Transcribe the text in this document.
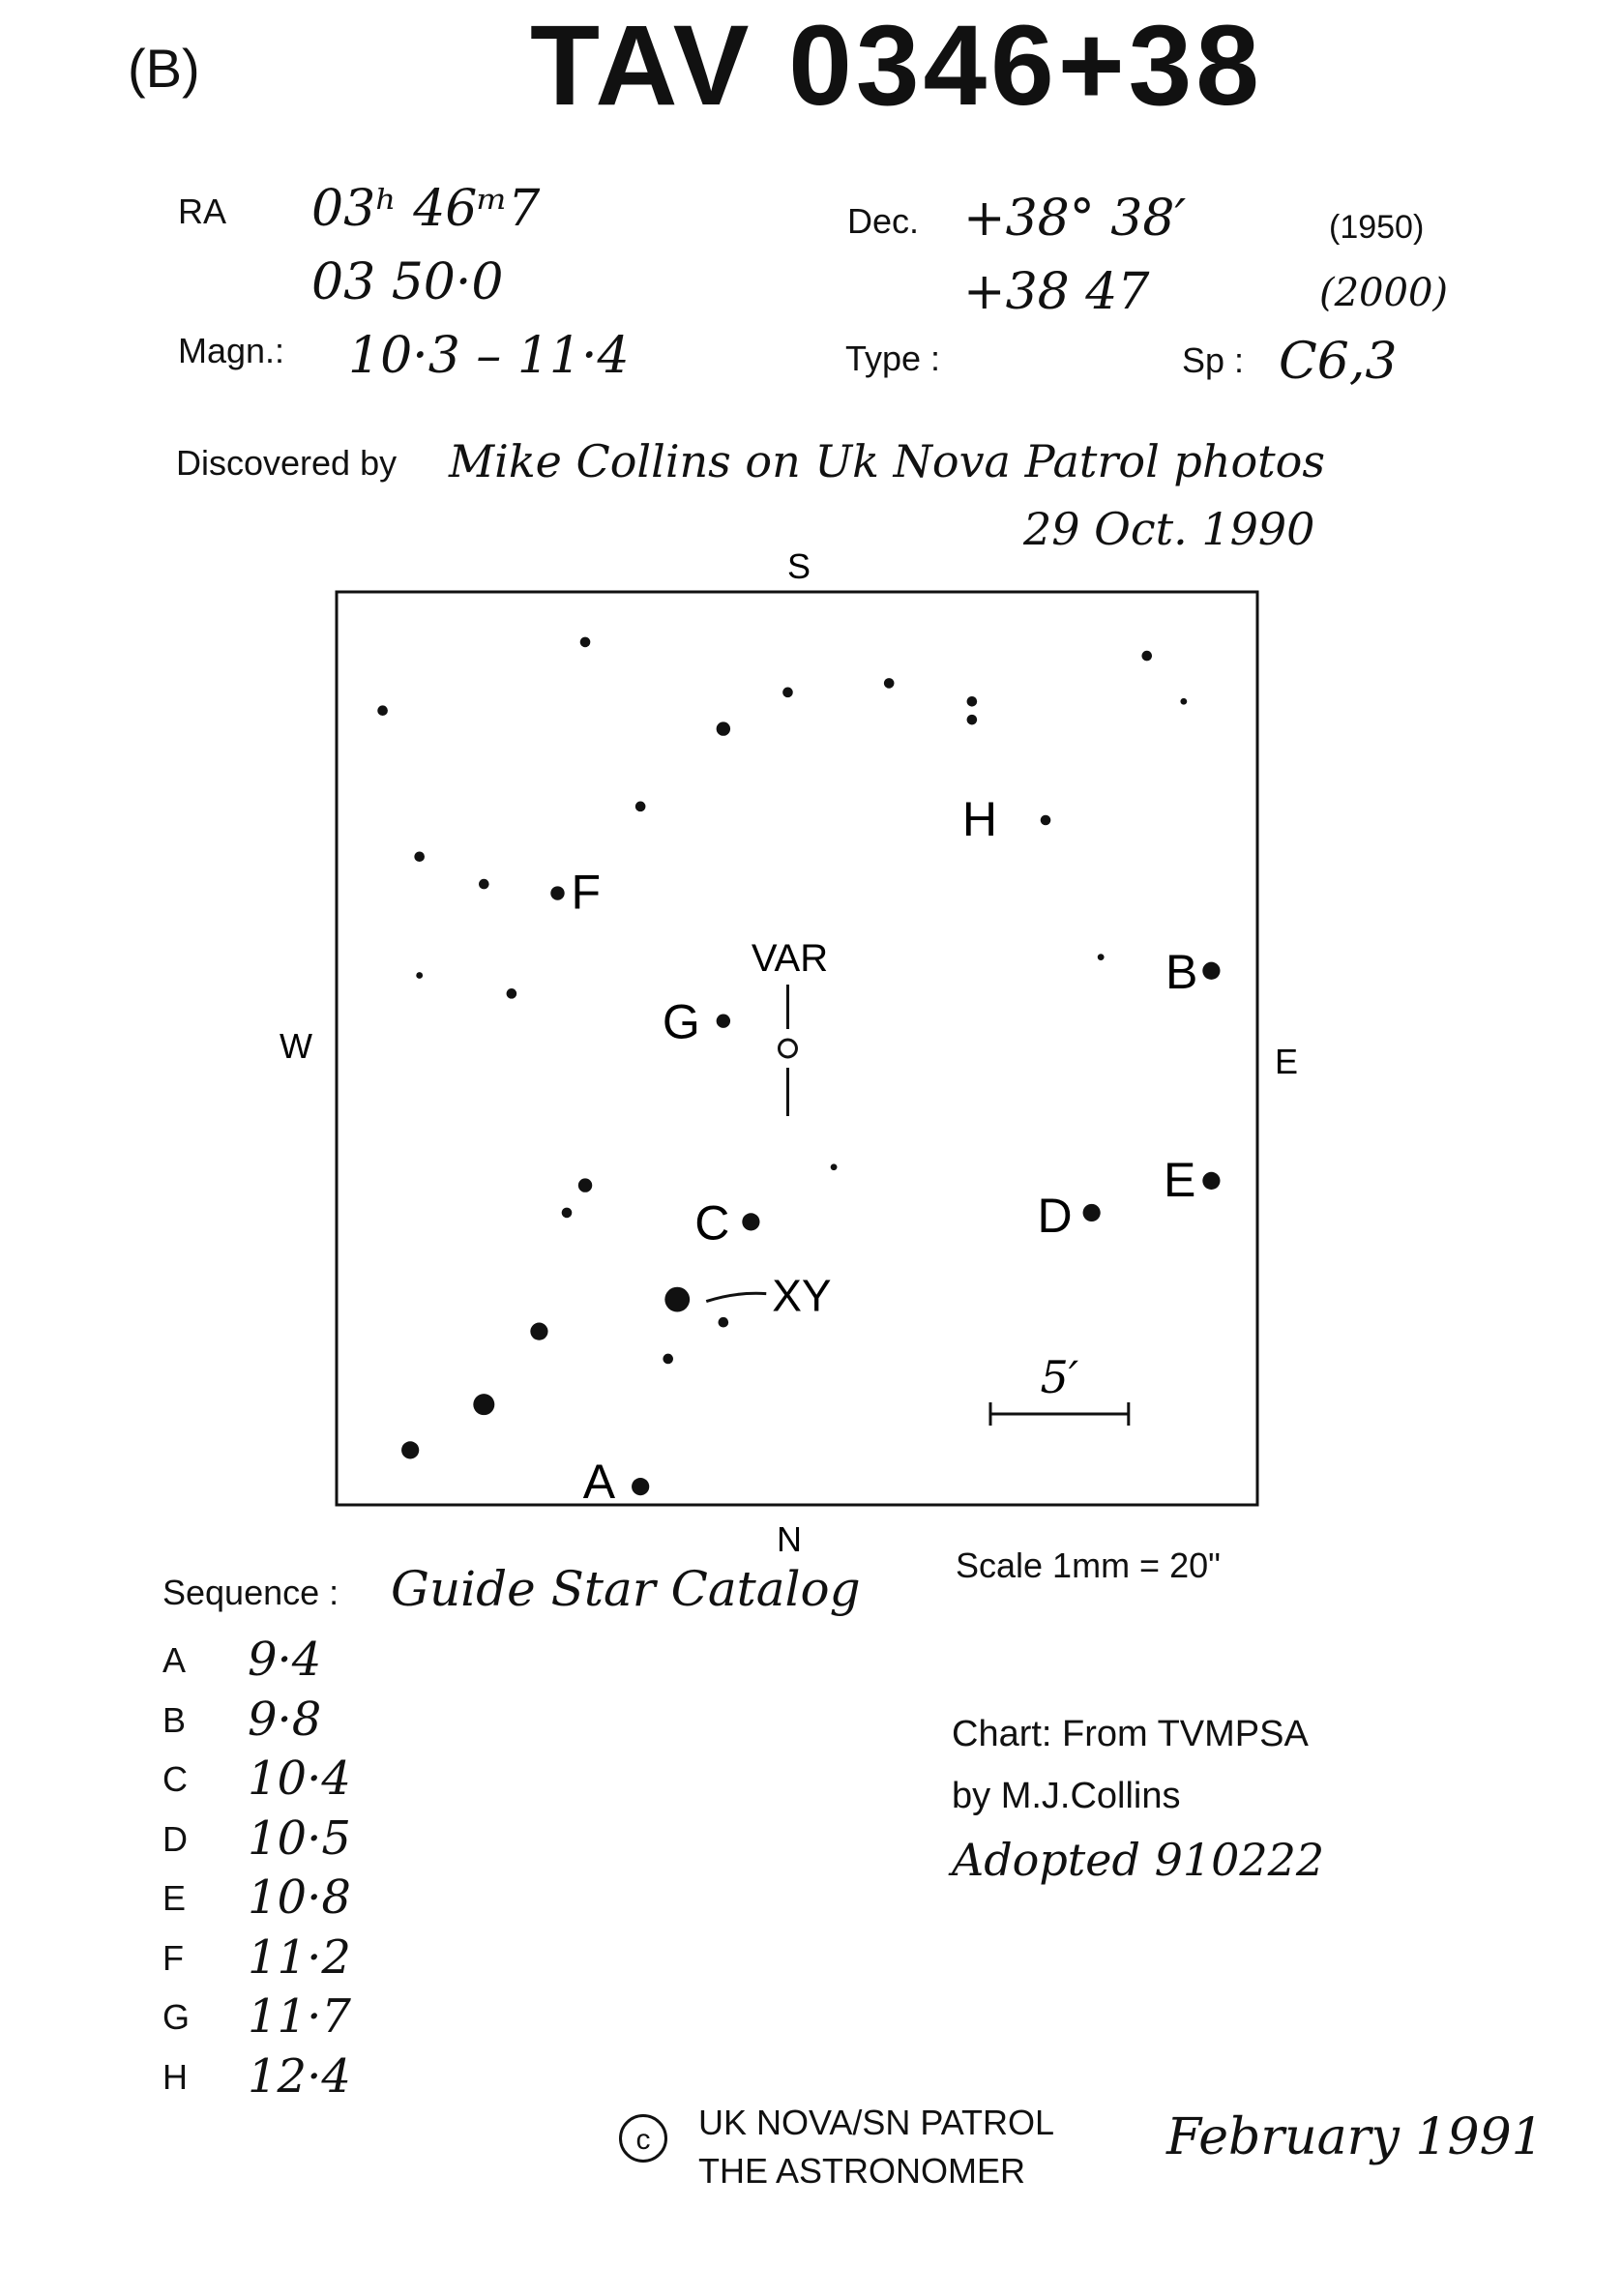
(B)	TAV 0346+38
RA 03ʰ 46ᵐ7
03 50·0
Dec. +38° 38′
+38 47
(1950)
(2000)
Magn.: 10·3 – 11·4	Type :	Sp : C6,3
Discovered by Mike Collins on Uk Nova Patrol photos
29 Oct. 1990
S
N
W	E
H
F
G
B
C	D
E
A
VAR
XY
5′
Scale 1mm = 20"
Sequence : Guide Star Catalog
A 9·4
B 9·8
C 10·4
D 10·5
E 10·8
F 11·2
G 11·7
H 12·4
Chart: From TVMPSA
by M.J.Collins
Adopted 910222
c	UK NOVA/SN PATROL
THE ASTRONOMER
February 1991
